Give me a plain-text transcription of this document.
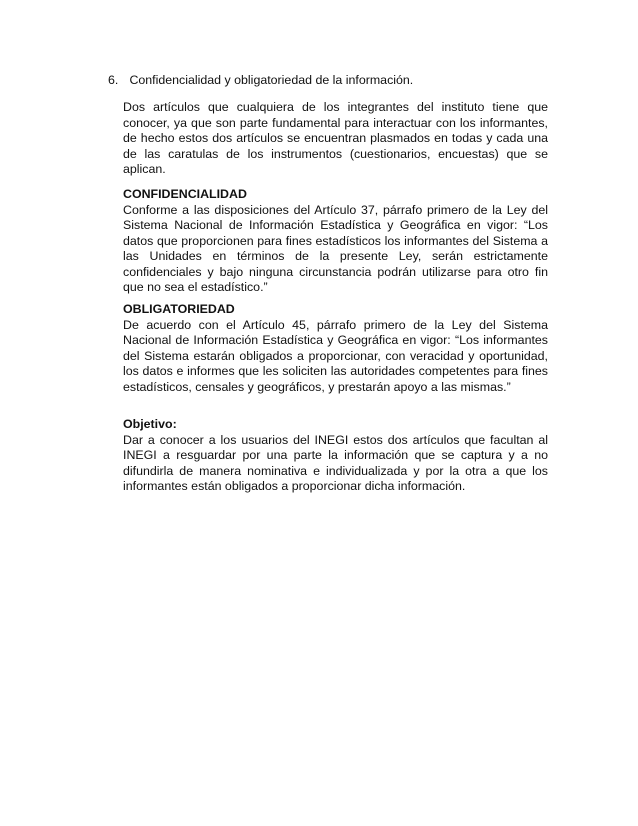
6. Confidencialidad y obligatoriedad de la información.

Dos artículos que cualquiera de los integrantes del instituto tiene que conocer, ya que son parte fundamental para interactuar con los informantes, de hecho estos dos artículos se encuentran plasmados en todas y cada una de las caratulas de los instrumentos (cuestionarios, encuestas) que se aplican.

CONFIDENCIALIDAD

Conforme a las disposiciones del Artículo 37, párrafo primero de la Ley del Sistema Nacional de Información Estadística y Geográfica en vigor: “Los datos que proporcionen para fines estadísticos los informantes del Sistema a las Unidades en términos de la presente Ley, serán estrictamente confidenciales y bajo ninguna circunstancia podrán utilizarse para otro fin que no sea el estadístico.”

OBLIGATORIEDAD

De acuerdo con el Artículo 45, párrafo primero de la Ley del Sistema Nacional de Información Estadística y Geográfica en vigor: “Los informantes del Sistema estarán obligados a proporcionar, con veracidad y oportunidad, los datos e informes que les soliciten las autoridades competentes para fines estadísticos, censales y geográficos, y prestarán apoyo a las mismas.”

Objetivo:

Dar a conocer a los usuarios del INEGI estos dos artículos que facultan al INEGI a resguardar por una parte la información que se captura y a no difundirla de manera nominativa e individualizada y por la otra a que los informantes están obligados a proporcionar dicha información.
